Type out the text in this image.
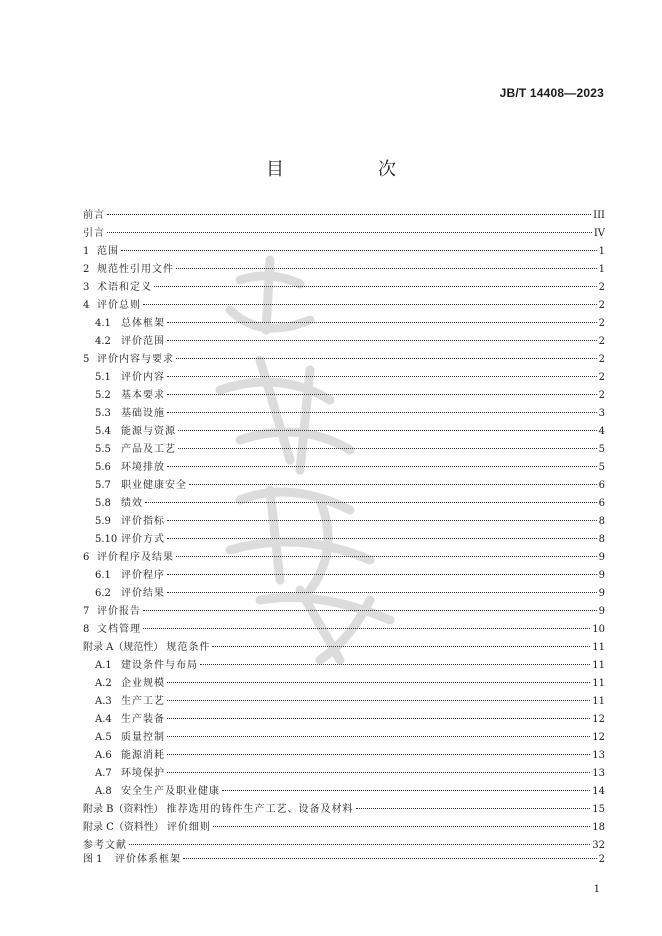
JB/T 14408—2023
目　次
前言	III
引言	IV
1 范围	1
2 规范性引用文件	1
3 术语和定义	2
4 评价总则	2
4.1	总体框架	2
4.2	评价范围	2
5 评价内容与要求	2
5.1	评价内容	2
5.2	基本要求	2
5.3	基础设施	3
5.4	能源与资源	4
5.5	产品及工艺	5
5.6	环境排放	5
5.7	职业健康安全	6
5.8	绩效	6
5.9	评价指标	8
5.10 评价方式	8
6 评价程序及结果	9
6.1	评价程序	9
6.2	评价结果	9
7 评价报告	9
8 文档管理	10
附录 A（规范性） 规范条件	11
A.1 建设条件与布局	11
A.2 企业规模	11
A.3 生产工艺	11
A.4 生产装备	12
A.5 质量控制	12
A.6 能源消耗	13
A.7 环境保护	13
A.8 安全生产及职业健康	14
附录 B（资料性） 推荐选用的铸件生产工艺、设备及材料	15
附录 C（资料性） 评价细则	18
参考文献	32
图 1	评价体系框架	2
1
